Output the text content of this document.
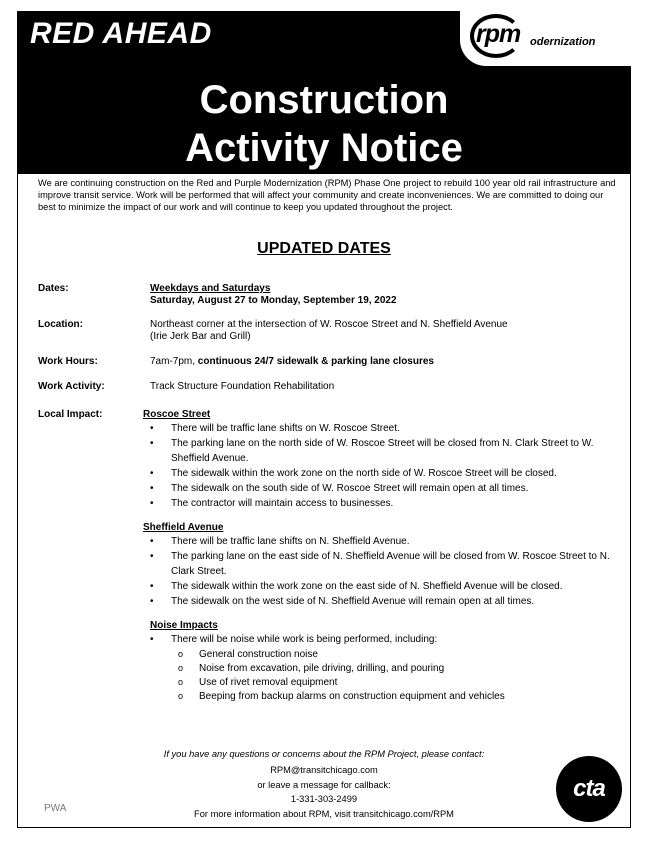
RED AHEAD	rpm odernization
Construction
Activity Notice

We are continuing construction on the Red and Purple Modernization (RPM) Phase One project to rebuild 100 year old rail infrastructure and improve transit service. Work will be performed that will affect your community and create inconveniences. We are committed to doing our best to minimize the impact of our work and will continue to keep you updated throughout the project.

UPDATED DATES
Dates:	Weekdays and Saturdays
Saturday, August 27 to Monday, September 19, 2022
Location:	Northeast corner at the intersection of W. Roscoe Street and N. Sheffield Avenue
(Irie Jerk Bar and Grill)
Work Hours:	7am-7pm, continuous 24/7 sidewalk & parking lane closures
Work Activity:	Track Structure Foundation Rehabilitation
Local Impact:	Roscoe Street
• There will be traffic lane shifts on W. Roscoe Street.
• The parking lane on the north side of W. Roscoe Street will be closed from N. Clark Street to W. Sheffield Avenue.
• The sidewalk within the work zone on the north side of W. Roscoe Street will be closed.
• The sidewalk on the south side of W. Roscoe Street will remain open at all times.
• The contractor will maintain access to businesses.
Sheffield Avenue
• There will be traffic lane shifts on N. Sheffield Avenue.
• The parking lane on the east side of N. Sheffield Avenue will be closed from W. Roscoe Street to N. Clark Street.
• The sidewalk within the work zone on the east side of N. Sheffield Avenue will be closed.
• The sidewalk on the west side of N. Sheffield Avenue will remain open at all times.
Noise Impacts
• There will be noise while work is being performed, including:
o General construction noise
o Noise from excavation, pile driving, drilling, and pouring
o Use of rivet removal equipment
o Beeping from backup alarms on construction equipment and vehicles
If you have any questions or concerns about the RPM Project, please contact:
RPM@transitchicago.com
or leave a message for callback:
1-331-303-2499
For more information about RPM, visit transitchicago.com/RPM
PWA
cta
